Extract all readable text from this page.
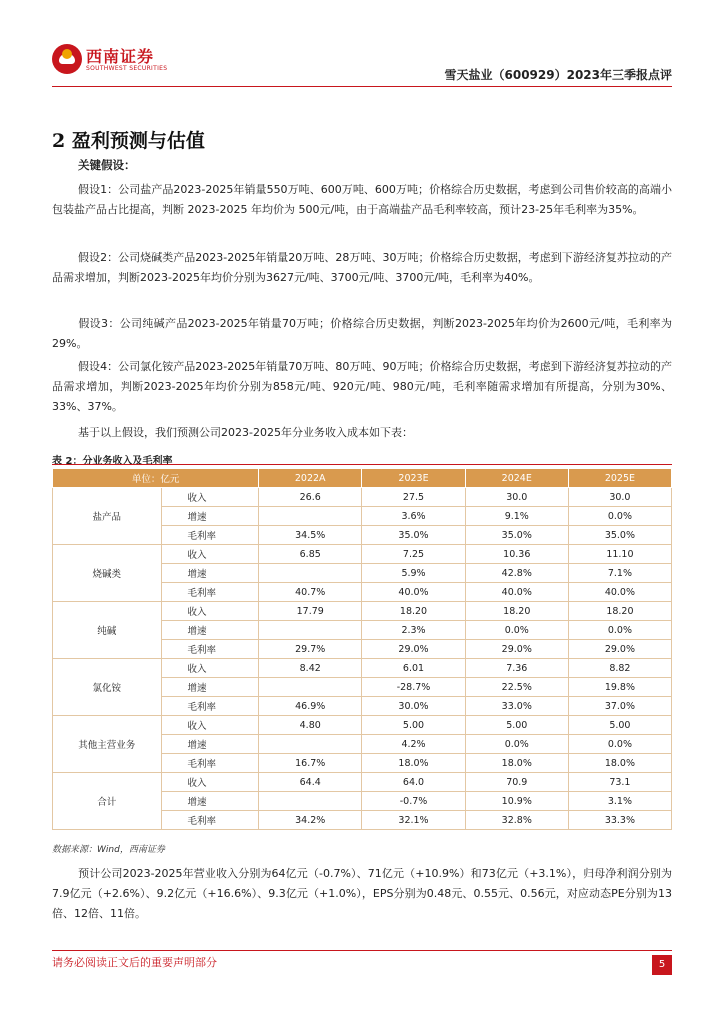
西南证券
SOUTHWEST SECURITIES	雪天盐业（600929）2023年三季报点评
2 盈利预测与估值
关键假设：
假设1：公司盐产品2023-2025年销量550万吨、600万吨、600万吨；价格综合历史数据，考虑到公司售价较高的高端小包装盐产品占比提高，判断 2023-2025 年均价为 500元/吨，由于高端盐产品毛利率较高，预计23-25年毛利率为35%。
假设2：公司烧碱类产品2023-2025年销量20万吨、28万吨、30万吨；价格综合历史数据，考虑到下游经济复苏拉动的产品需求增加，判断2023-2025年均价分别为3627元/吨、3700元/吨、3700元/吨，毛利率为40%。
假设3：公司纯碱产品2023-2025年销量70万吨；价格综合历史数据，判断2023-2025年均价为2600元/吨，毛利率为29%。
假设4：公司氯化铵产品2023-2025年销量70万吨、80万吨、90万吨；价格综合历史数据，考虑到下游经济复苏拉动的产品需求增加，判断2023-2025年均价分别为858元/吨、920元/吨、980元/吨，毛利率随需求增加有所提高，分别为30%、33%、37%。
基于以上假设，我们预测公司2023-2025年分业务收入成本如下表：
表 2：分业务收入及毛利率
单位：亿元		2022A	2023E	2024E	2025E
盐产品	收入	26.6	27.5	30.0	30.0
	增速		3.6%	9.1%	0.0%
	毛利率	34.5%	35.0%	35.0%	35.0%
烧碱类	收入	6.85	7.25	10.36	11.10
	增速		5.9%	42.8%	7.1%
	毛利率	40.7%	40.0%	40.0%	40.0%
纯碱	收入	17.79	18.20	18.20	18.20
	增速		2.3%	0.0%	0.0%
	毛利率	29.7%	29.0%	29.0%	29.0%
氯化铵	收入	8.42	6.01	7.36	8.82
	增速		-28.7%	22.5%	19.8%
	毛利率	46.9%	30.0%	33.0%	37.0%
其他主营业务	收入	4.80	5.00	5.00	5.00
	增速		4.2%	0.0%	0.0%
	毛利率	16.7%	18.0%	18.0%	18.0%
合计	收入	64.4	64.0	70.9	73.1
	增速		-0.7%	10.9%	3.1%
	毛利率	34.2%	32.1%	32.8%	33.3%
数据来源：Wind，西南证券
预计公司2023-2025年营业收入分别为64亿元（-0.7%）、71亿元（+10.9%）和73亿元（+3.1%），归母净利润分别为7.9亿元（+2.6%）、9.2亿元（+16.6%）、9.3亿元（+1.0%），EPS分别为0.48元、0.55元、0.56元，对应动态PE分别为13倍、12倍、11倍。
请务必阅读正文后的重要声明部分	5
